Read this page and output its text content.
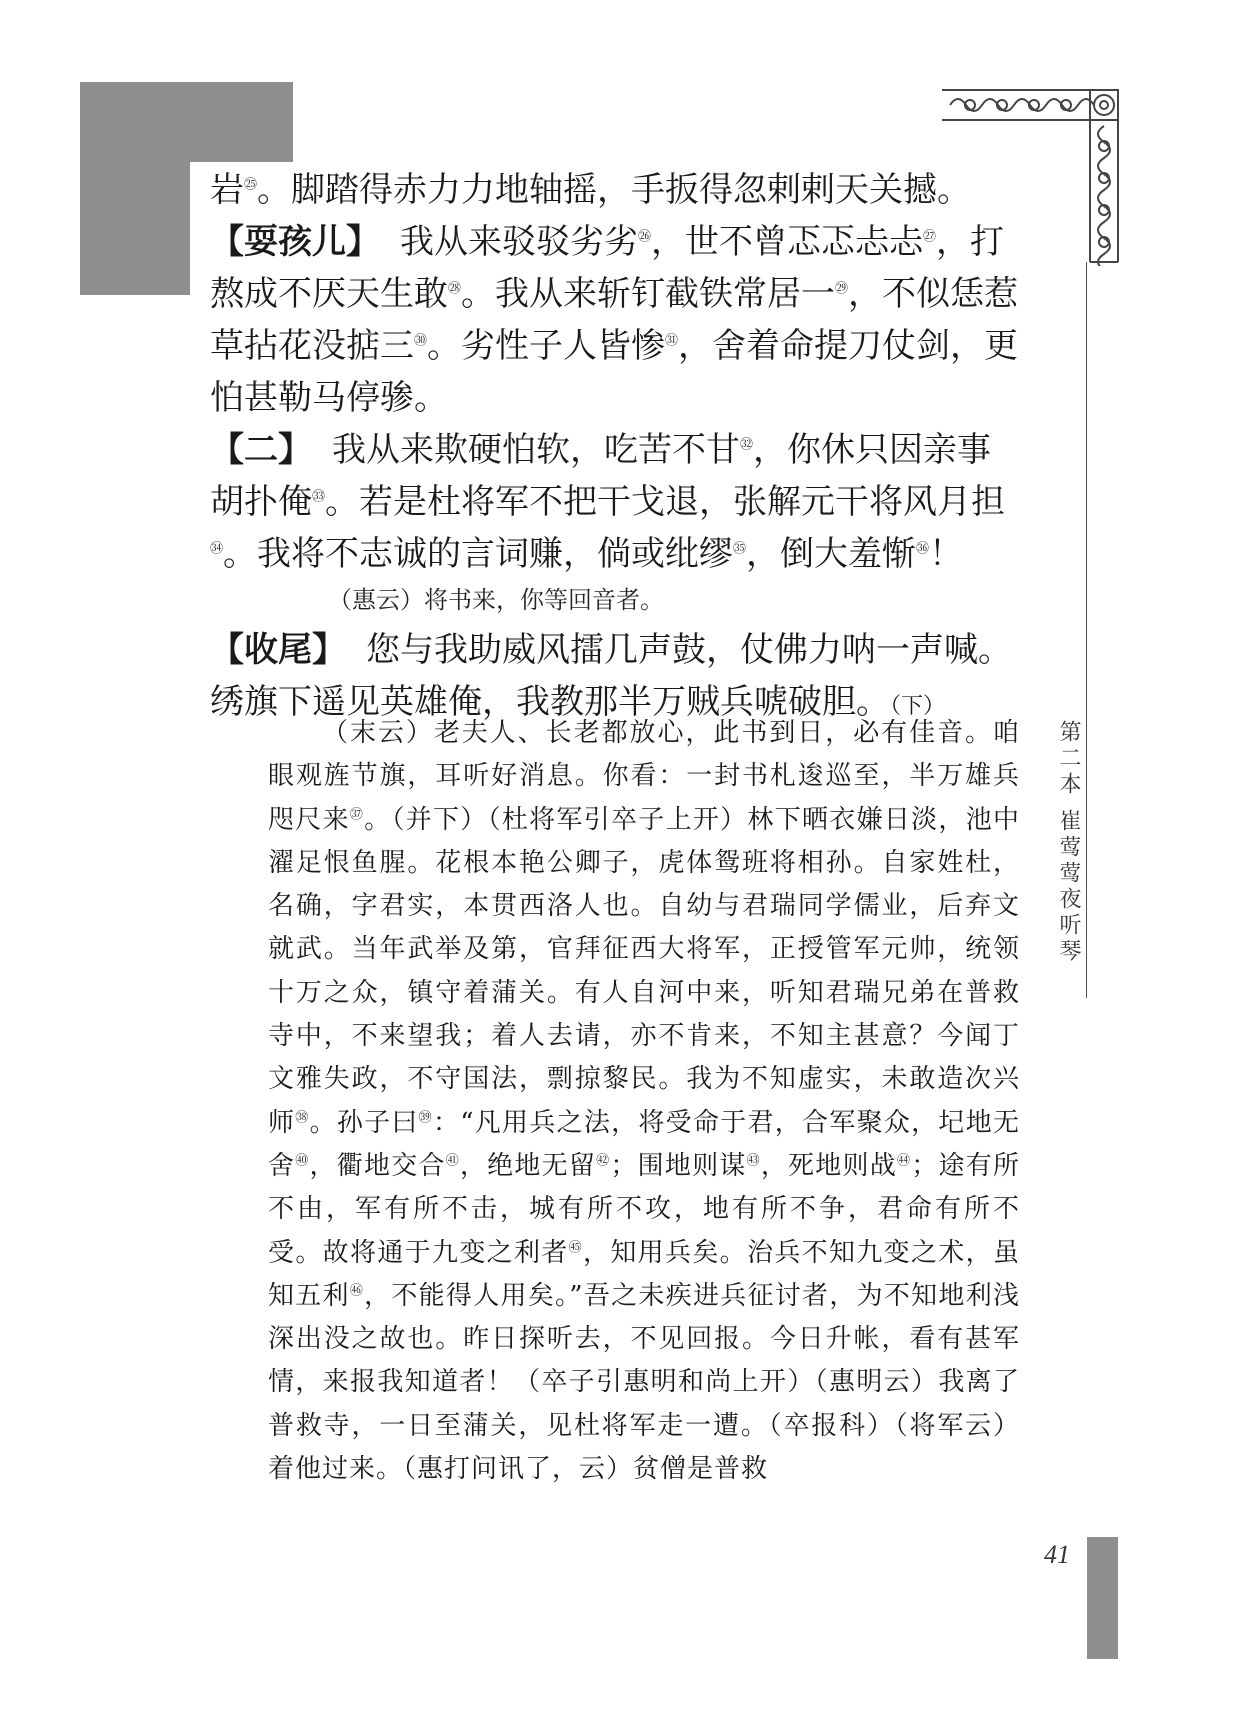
岩$^㉕$。脚踏得赤力力地轴摇，手扳得忽剌剌天关撼。
【耍孩儿】 我从来驳驳劣劣$^㉖$，世不曾忑忑忐忐$^㉗$，打熬成不厌天生敢$^㉘$。我从来斩钉截铁常居一$^㉙$，不似恁惹草拈花没掂三$^㉚$。劣性子人皆惨$^㉛$，舍着命提刀仗剑，更怕甚勒马停骖。
【二】 我从来欺硬怕软，吃苦不甘$^㉜$，你休只因亲事胡扑俺$^㉝$。若是杜将军不把干戈退，张解元干将风月担$^㉞$。我将不志诚的言词赚，倘或纰缪$^㉟$，倒大羞惭$^㊱$！
（惠云）将书来，你等回音者。
【收尾】 您与我助威风擂几声鼓，仗佛力呐一声喊。绣旗下遥见英雄俺，我教那半万贼兵唬破胆。（下）
（末云）老夫人、长老都放心，此书到日，必有佳音。咱眼观旌节旗，耳听好消息。你看：一封书札逡巡至，半万雄兵咫尺来$^㊲$。（并下）（杜将军引卒子上开）林下晒衣嫌日淡，池中濯足恨鱼腥。花根本艳公卿子，虎体鸳班将相孙。自家姓杜，名确，字君实，本贯西洛人也。自幼与君瑞同学儒业，后弃文就武。当年武举及第，官拜征西大将军，正授管军元帅，统领十万之众，镇守着蒲关。有人自河中来，听知君瑞兄弟在普救寺中，不来望我；着人去请，亦不肯来，不知主甚意？今闻丁文雅失政，不守国法，剽掠黎民。我为不知虚实，未敢造次兴师$^㊳$。孙子曰$^㊴$：“凡用兵之法，将受命于君，合军聚众，圮地无舍$^㊵$，衢地交合$^㊶$，绝地无留$^㊷$；围地则谋$^㊸$，死地则战$^㊹$；途有所不由，军有所不击，城有所不攻，地有所不争，君命有所不受。故将通于九变之利者$^㊺$，知用兵矣。治兵不知九变之术，虽知五利$^㊻$，不能得人用矣。”吾之未疾进兵征讨者，为不知地利浅深出没之故也。昨日探听去，不见回报。今日升帐，看有甚军情，来报我知道者！（卒子引惠明和尚上开）（惠明云）我离了普救寺，一日至蒲关，见杜将军走一遭。（卒报科）（将军云）着他过来。（惠打问讯了，云）贫僧是普救
第二本 崔莺莺夜听琴
41
